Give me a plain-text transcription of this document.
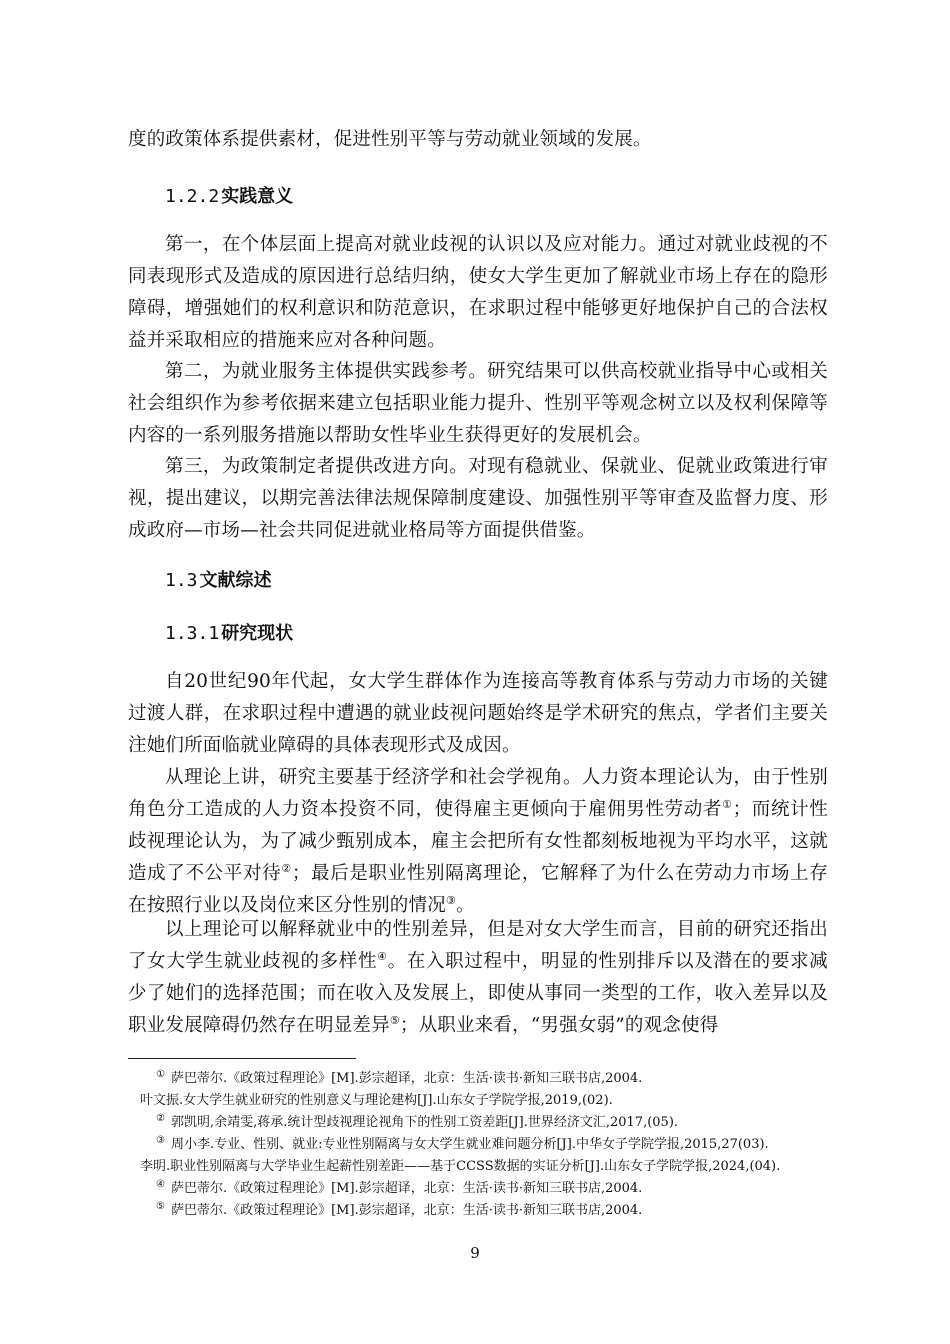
度的政策体系提供素材，促进性别平等与劳动就业领域的发展。

1.2.2 实践意义

第一，在个体层面上提高对就业歧视的认识以及应对能力。通过对就业歧视的不同表现形式及造成的原因进行总结归纳，使女大学生更加了解就业市场上存在的隐形障碍，增强她们的权利意识和防范意识，在求职过程中能够更好地保护自己的合法权益并采取相应的措施来应对各种问题。

第二，为就业服务主体提供实践参考。研究结果可以供高校就业指导中心或相关社会组织作为参考依据来建立包括职业能力提升、性别平等观念树立以及权利保障等内容的一系列服务措施以帮助女性毕业生获得更好的发展机会。

第三，为政策制定者提供改进方向。对现有稳就业、保就业、促就业政策进行审视，提出建议，以期完善法律法规保障制度建设、加强性别平等审查及监督力度、形成政府—市场—社会共同促进就业格局等方面提供借鉴。

1.3 文献综述
1.3.1 研究现状

自20世纪90年代起，女大学生群体作为连接高等教育体系与劳动力市场的关键过渡人群，在求职过程中遭遇的就业歧视问题始终是学术研究的焦点，学者们主要关注她们所面临就业障碍的具体表现形式及成因。

从理论上讲，研究主要基于经济学和社会学视角。人力资本理论认为，由于性别角色分工造成的人力资本投资不同，使得雇主更倾向于雇佣男性劳动者①；而统计性歧视理论认为，为了减少甄别成本，雇主会把所有女性都刻板地视为平均水平，这就造成了不公平对待②；最后是职业性别隔离理论，它解释了为什么在劳动力市场上存在按照行业以及岗位来区分性别的情况③。

以上理论可以解释就业中的性别差异，但是对女大学生而言，目前的研究还指出了女大学生就业歧视的多样性④。在入职过程中，明显的性别排斥以及潜在的要求减少了她们的选择范围；而在收入及发展上，即使从事同一类型的工作，收入差异以及职业发展障碍仍然存在明显差异⑤；从职业来看，“男强女弱”的观念使得

① 萨巴蒂尔.《政策过程理论》[M].彭宗超译，北京：生活·读书·新知三联书店,2004.
叶文振.女大学生就业研究的性别意义与理论建构[J].山东女子学院学报,2019,(02).
② 郭凯明,余靖雯,蒋承.统计型歧视理论视角下的性别工资差距[J].世界经济文汇,2017,(05).
③ 周小李.专业、性别、就业:专业性别隔离与女大学生就业难问题分析[J].中华女子学院学报,2015,27(03).
李明.职业性别隔离与大学毕业生起薪性别差距——基于CCSS数据的实证分析[J].山东女子学院学报,2024,(04).
④ 萨巴蒂尔.《政策过程理论》[M].彭宗超译，北京：生活·读书·新知三联书店,2004.
⑤ 萨巴蒂尔.《政策过程理论》[M].彭宗超译，北京：生活·读书·新知三联书店,2004.
9
